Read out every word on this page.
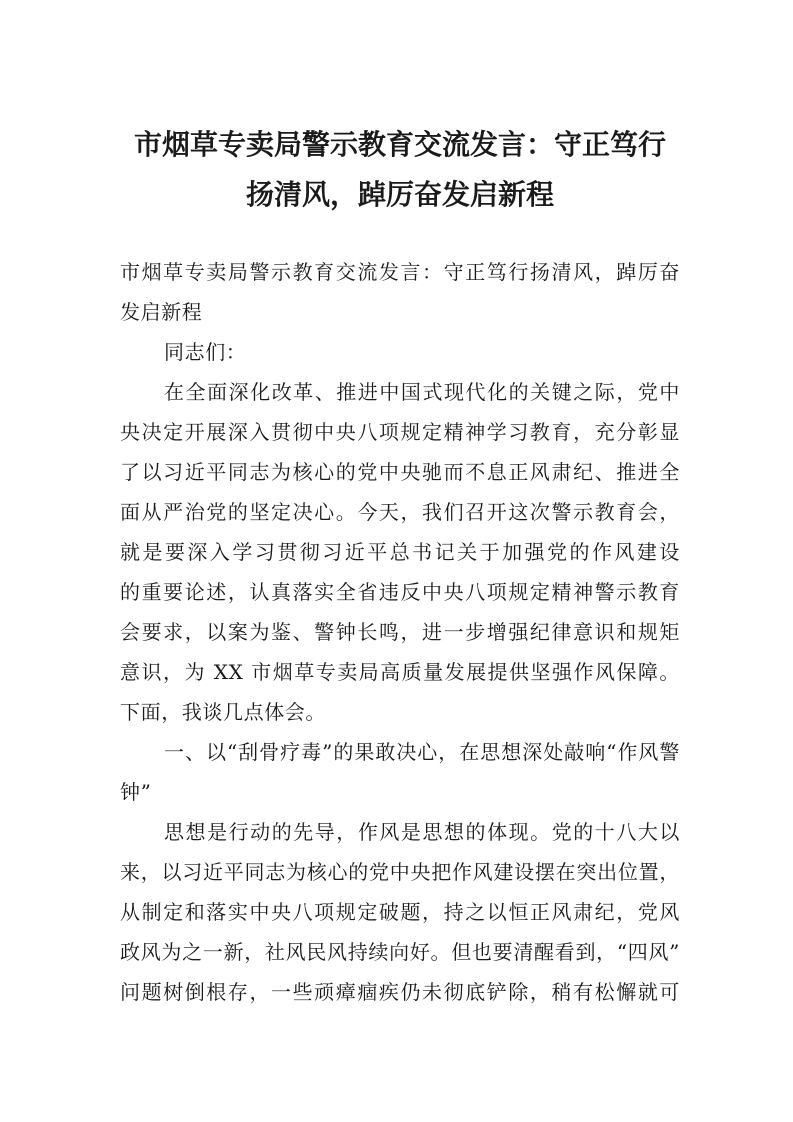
市烟草专卖局警示教育交流发言：守正笃行
扬清风，踔厉奋发启新程

市烟草专卖局警示教育交流发言：守正笃行扬清风，踔厉奋
发启新程

同志们：

在全面深化改革、推进中国式现代化的关键之际，党中
央决定开展深入贯彻中央八项规定精神学习教育，充分彰显
了以习近平同志为核心的党中央驰而不息正风肃纪、推进全
面从严治党的坚定决心。今天，我们召开这次警示教育会，
就是要深入学习贯彻习近平总书记关于加强党的作风建设
的重要论述，认真落实全省违反中央八项规定精神警示教育
会要求，以案为鉴、警钟长鸣，进一步增强纪律意识和规矩
意识，为 XX 市烟草专卖局高质量发展提供坚强作风保障。
下面，我谈几点体会。

一、以“刮骨疗毒”的果敢决心，在思想深处敲响“作风警
钟”

思想是行动的先导，作风是思想的体现。党的十八大以
来，以习近平同志为核心的党中央把作风建设摆在突出位置，
从制定和落实中央八项规定破题，持之以恒正风肃纪，党风
政风为之一新，社风民风持续向好。但也要清醒看到，“四风”
问题树倒根存，一些顽瘴痼疾仍未彻底铲除，稍有松懈就可
